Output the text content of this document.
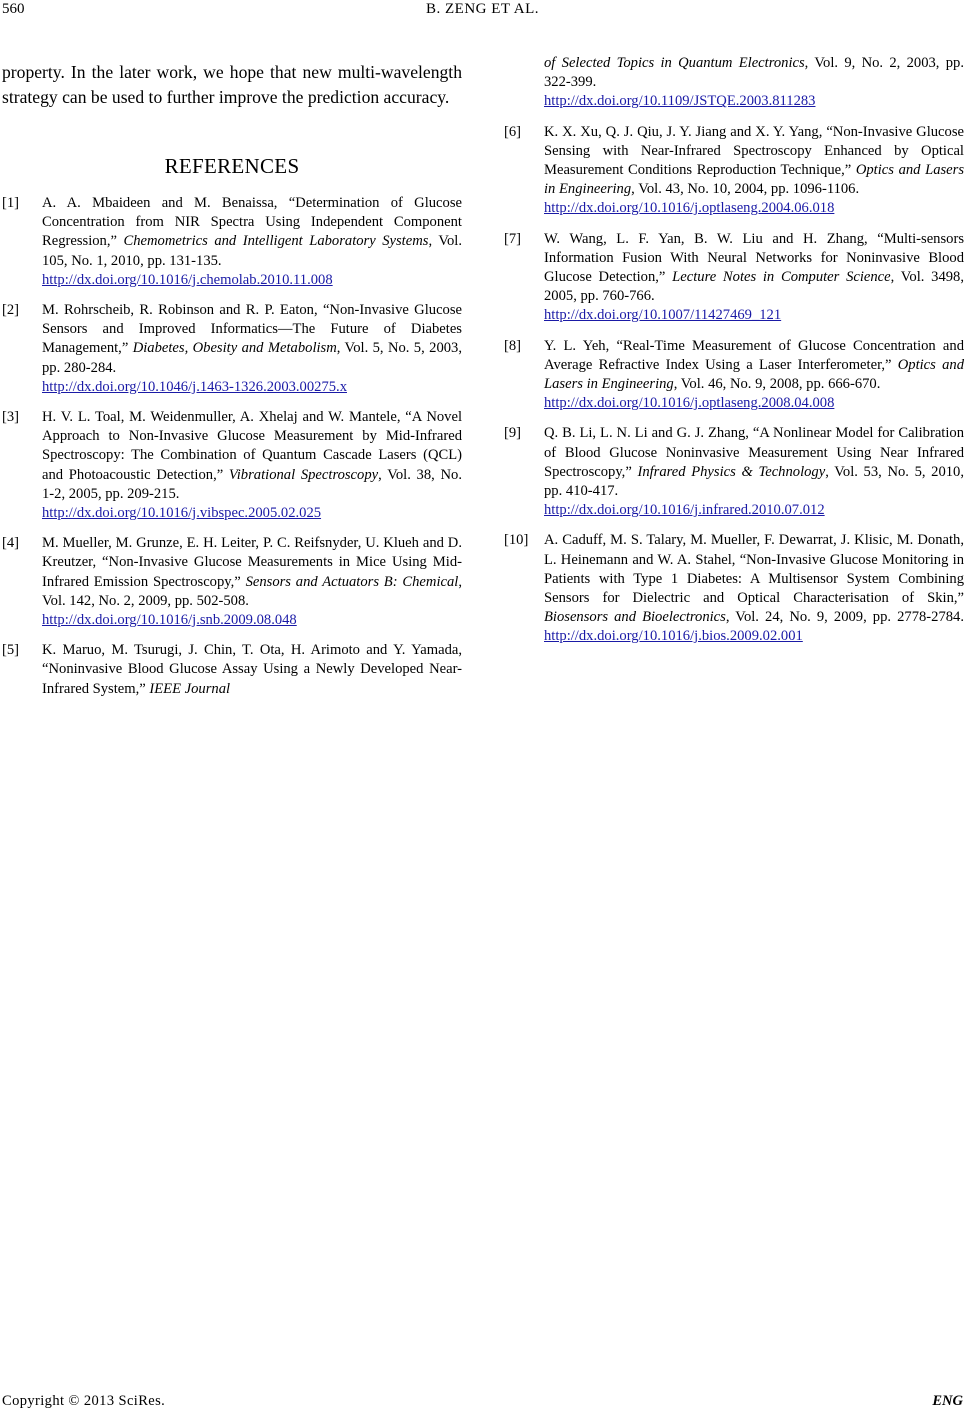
560	B. ZENG ET AL.

property. In the later work, we hope that new multi-wavelength strategy can be used to further improve the prediction accuracy.

REFERENCES
[1] A. A. Mbaideen and M. Benaissa, “Determination of Glucose Concentration from NIR Spectra Using Independent Component Regression,” Chemometrics and Intelligent Laboratory Systems, Vol. 105, No. 1, 2010, pp. 131-135.
http://dx.doi.org/10.1016/j.chemolab.2010.11.008
[2] M. Rohrscheib, R. Robinson and R. P. Eaton, “Non-Invasive Glucose Sensors and Improved Informatics—The Future of Diabetes Management,” Diabetes, Obesity and Metabolism, Vol. 5, No. 5, 2003, pp. 280-284.
http://dx.doi.org/10.1046/j.1463-1326.2003.00275.x
[3] H. V. L. Toal, M. Weidenmuller, A. Xhelaj and W. Mantele, “A Novel Approach to Non-Invasive Glucose Measurement by Mid-Infrared Spectroscopy: The Combination of Quantum Cascade Lasers (QCL) and Photoacoustic Detection,” Vibrational Spectroscopy, Vol. 38, No. 1-2, 2005, pp. 209-215.
http://dx.doi.org/10.1016/j.vibspec.2005.02.025
[4] M. Mueller, M. Grunze, E. H. Leiter, P. C. Reifsnyder, U. Klueh and D. Kreutzer, “Non-Invasive Glucose Measurements in Mice Using Mid-Infrared Emission Spectroscopy,” Sensors and Actuators B: Chemical, Vol. 142, No. 2, 2009, pp. 502-508.
http://dx.doi.org/10.1016/j.snb.2009.08.048
[5] K. Maruo, M. Tsurugi, J. Chin, T. Ota, H. Arimoto and Y. Yamada, “Noninvasive Blood Glucose Assay Using a Newly Developed Near-Infrared System,” IEEE Journal
of Selected Topics in Quantum Electronics, Vol. 9, No. 2, 2003, pp. 322-399.
http://dx.doi.org/10.1109/JSTQE.2003.811283
[6] K. X. Xu, Q. J. Qiu, J. Y. Jiang and X. Y. Yang, “Non-Invasive Glucose Sensing with Near-Infrared Spectroscopy Enhanced by Optical Measurement Conditions Reproduction Technique,” Optics and Lasers in Engineering, Vol. 43, No. 10, 2004, pp. 1096-1106.
http://dx.doi.org/10.1016/j.optlaseng.2004.06.018
[7] W. Wang, L. F. Yan, B. W. Liu and H. Zhang, “Multi-sensors Information Fusion With Neural Networks for Noninvasive Blood Glucose Detection,” Lecture Notes in Computer Science, Vol. 3498, 2005, pp. 760-766.
http://dx.doi.org/10.1007/11427469_121
[8] Y. L. Yeh, “Real-Time Measurement of Glucose Concentration and Average Refractive Index Using a Laser Interferometer,” Optics and Lasers in Engineering, Vol. 46, No. 9, 2008, pp. 666-670.
http://dx.doi.org/10.1016/j.optlaseng.2008.04.008
[9] Q. B. Li, L. N. Li and G. J. Zhang, “A Nonlinear Model for Calibration of Blood Glucose Noninvasive Measurement Using Near Infrared Spectroscopy,” Infrared Physics & Technology, Vol. 53, No. 5, 2010, pp. 410-417.
http://dx.doi.org/10.1016/j.infrared.2010.07.012
[10] A. Caduff, M. S. Talary, M. Mueller, F. Dewarrat, J. Klisic, M. Donath, L. Heinemann and W. A. Stahel, “Non-Invasive Glucose Monitoring in Patients with Type 1 Diabetes: A Multisensor System Combining Sensors for Dielectric and Optical Characterisation of Skin,” Biosensors and Bioelectronics, Vol. 24, No. 9, 2009, pp. 2778-2784. http://dx.doi.org/10.1016/j.bios.2009.02.001
Copyright © 2013 SciRes.	ENG
